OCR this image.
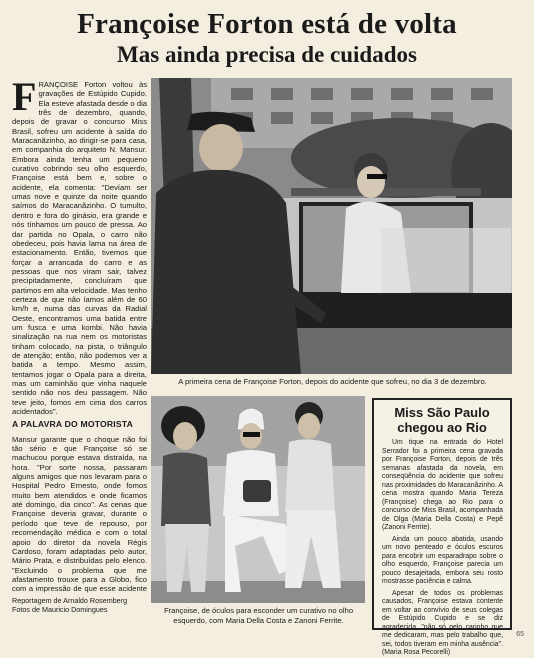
Françoise Forton está de volta
Mas ainda precisa de cuidados
F RANÇOISE Forton voltou às gravações de Estúpido Cupido. Ela esteve afastada desde o dia três de dezembro, quando, depois de gravar o concurso Miss Brasil, sofreu um acidente à saída do Maracanãzinho, ao dirigir-se para casa, em companhia do arquiteto N. Mansur. Embora ainda tenha um pequeno curativo cobrindo seu olho esquerdo, Françoise está bem e, sobre o acidente, ela comenta: "Devíam ser umas nove e quinze da noite quando saímos do Maracanãzinho. O tumulto, dentro e fora do ginásio, era grande e nós tínhamos um pouco de pressa. Ao dar partida no Opala, o carro não obedeceu, pois havia lama na área de estacionamento. Então, tivemos que forçar a arrancada do carro e as pessoas que nos viram sair, talvez precipitadamente, concluíram que partimos em alta velocidade. Mas tenho certeza de que não íamos além de 60 km/h e, numa das curvas da Radial Oeste, encontramos uma batida entre um fusca e uma kombi. Não havia sinalização na rua nem os motoristas tinham colocado, na pista, o triângulo de atenção; então, não podemos ver a batida a tempo. Mesmo assim, tentamos jogar o Opala para a direita, mas um caminhão que vinha naquele sentido não nos deu passagem. Não teve jeito, fomos em cima dos carros acidentados".
A PALAVRA DO MOTORISTA
Mansur garante que o choque não foi tão sério e que Françoise só se machucou porque estava distraída, na hora. "Por sorte nossa, passaram alguns amigos que nos levaram para o Hospital Pedro Ernesto, onde fomos muito bem atendidos e onde ficamos até domingo, dia cinco". As cenas que Françoise deveria gravar, durante o período que teve de repouso, por recomendação médica e com o total apoio do diretor da novela Régis Cardoso, foram adaptadas pelo autor, Mário Prata, e distribuídas pelo elenco. "Excluindo o problema que me afastamento trouxe para a Globo, fico com a impressão de que esse acidente
Reportagem de Arnaldo Rosemberg
Fotos de Mauricio Domingues
A primeira cena de Françoise Forton, depois do acidente que sofreu, no dia 3 de dezembro.
Françoise, de óculos para esconder um curativo no olho esquerdo, com Maria Della Costa e Zanoni Ferrite.
Miss São Paulo chegou ao Rio

Um tique na entrada do Hotel Serrador foi a primeira cena gravada por Françoise Forton, depois de três semanas afastada da novela, em conseqüência do acidente que sofreu nas proximidades do Maracanãzinho. A cena mostra quando Maria Tereza (Françoise) chega ao Rio para o concurso de Miss Brasil, acompanhada de Olga (Maria Della Costa) e Pepê (Zanoni Ferrite).

Ainda um pouco abatida, usando um novo penteado e óculos escuros para encobrir um esparadrapo sobre o olho esquerdo, Françoise parecia um pouco desajeitada, embora seu rosto mostrasse paciência e calma.

Apesar de todos os problemas causados, Françoise estava contente em voltar ao convívio de seus colegas de Estúpido Cupido e se diz agradecida, "não só pelo carinho que me dedicaram, mas pelo trabalho que, sei, todos tiveram em minha ausência". (Maria Rosa Pecorelli)

65
